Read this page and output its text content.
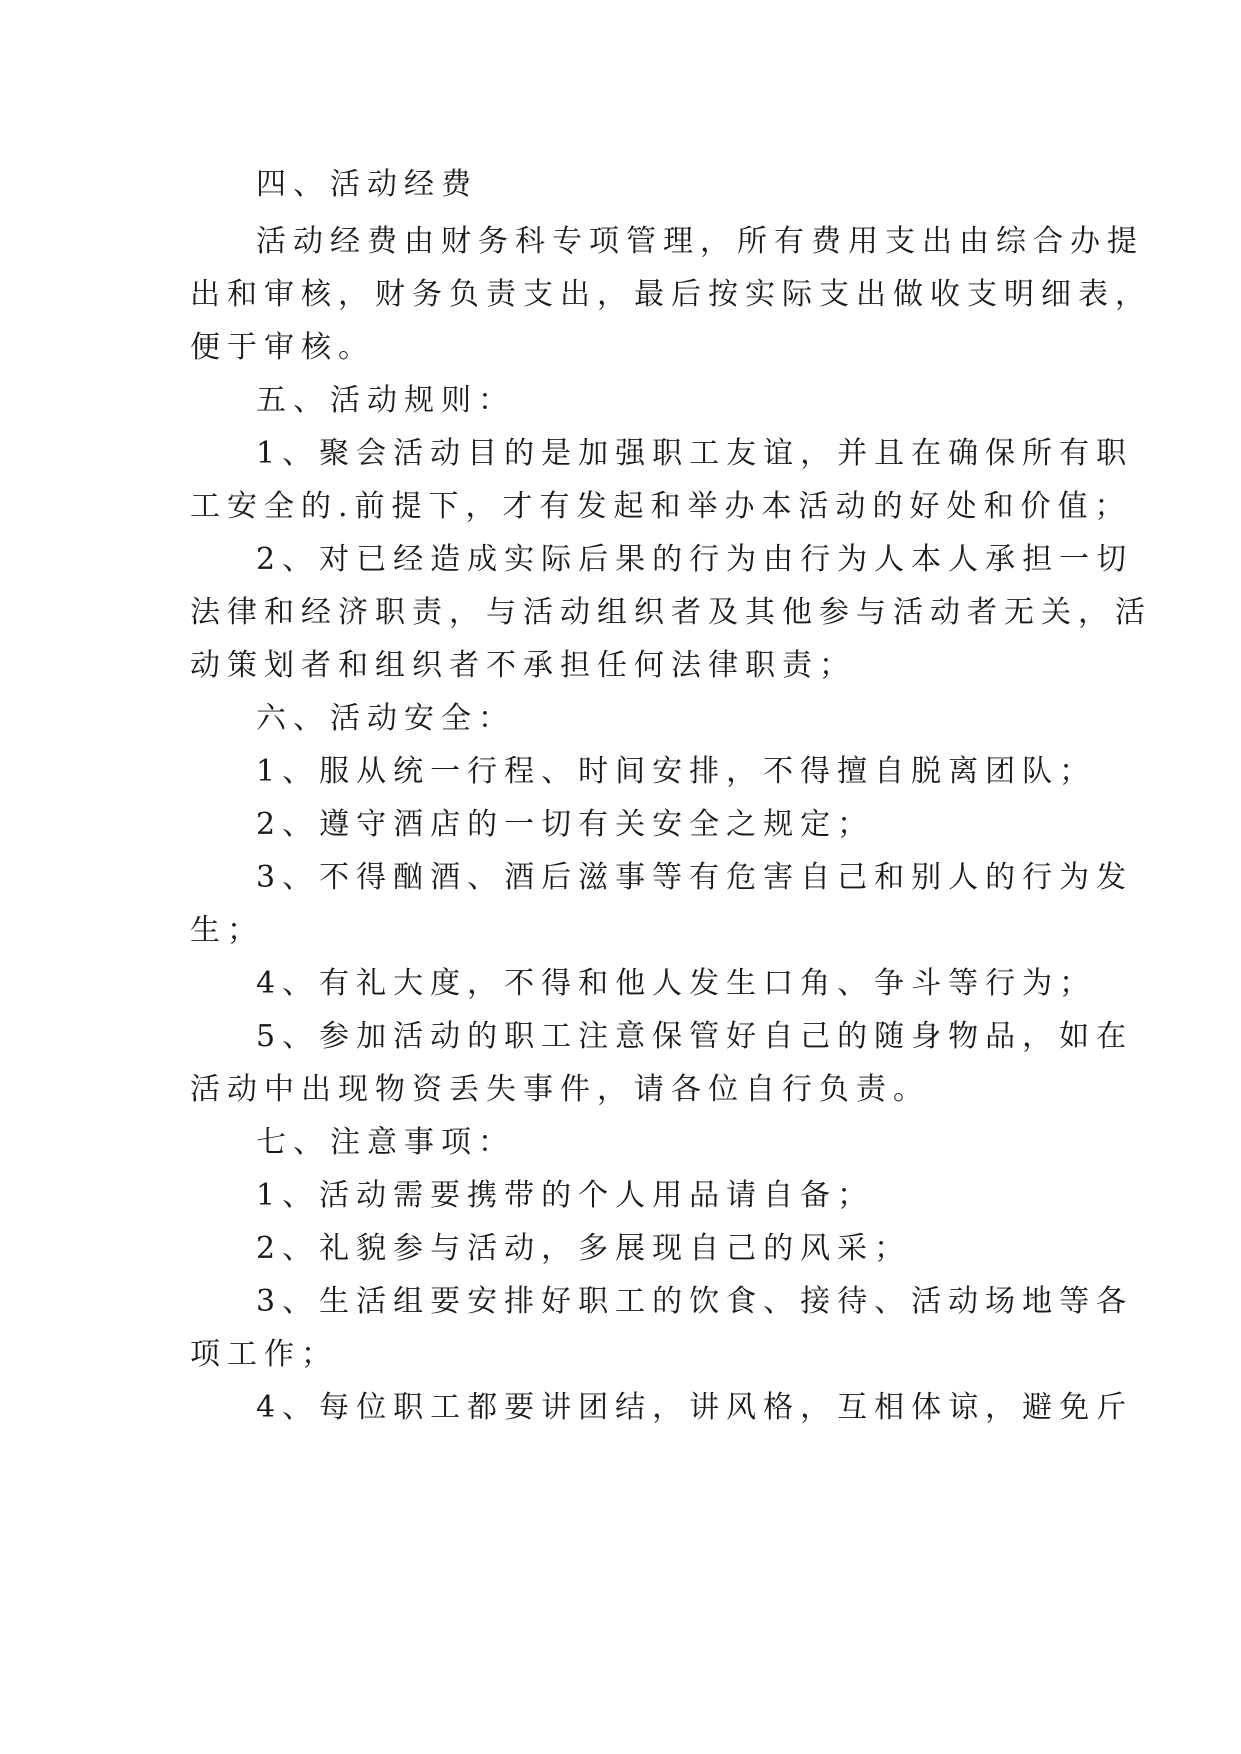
四、活动经费
活动经费由财务科专项管理，所有费用支出由综合办提
出和审核，财务负责支出，最后按实际支出做收支明细表，
便于审核。
五、活动规则：
1、聚会活动目的是加强职工友谊，并且在确保所有职
工安全的.前提下，才有发起和举办本活动的好处和价值；
2、对已经造成实际后果的行为由行为人本人承担一切
法律和经济职责，与活动组织者及其他参与活动者无关，活
动策划者和组织者不承担任何法律职责；
六、活动安全：
1、服从统一行程、时间安排，不得擅自脱离团队；
2、遵守酒店的一切有关安全之规定；
3、不得酗酒、酒后滋事等有危害自己和别人的行为发
生；
4、有礼大度，不得和他人发生口角、争斗等行为；
5、参加活动的职工注意保管好自己的随身物品，如在
活动中出现物资丢失事件，请各位自行负责。
七、注意事项：
1、活动需要携带的个人用品请自备；
2、礼貌参与活动，多展现自己的风采；
3、生活组要安排好职工的饮食、接待、活动场地等各
项工作；
4、每位职工都要讲团结，讲风格，互相体谅，避免斤
